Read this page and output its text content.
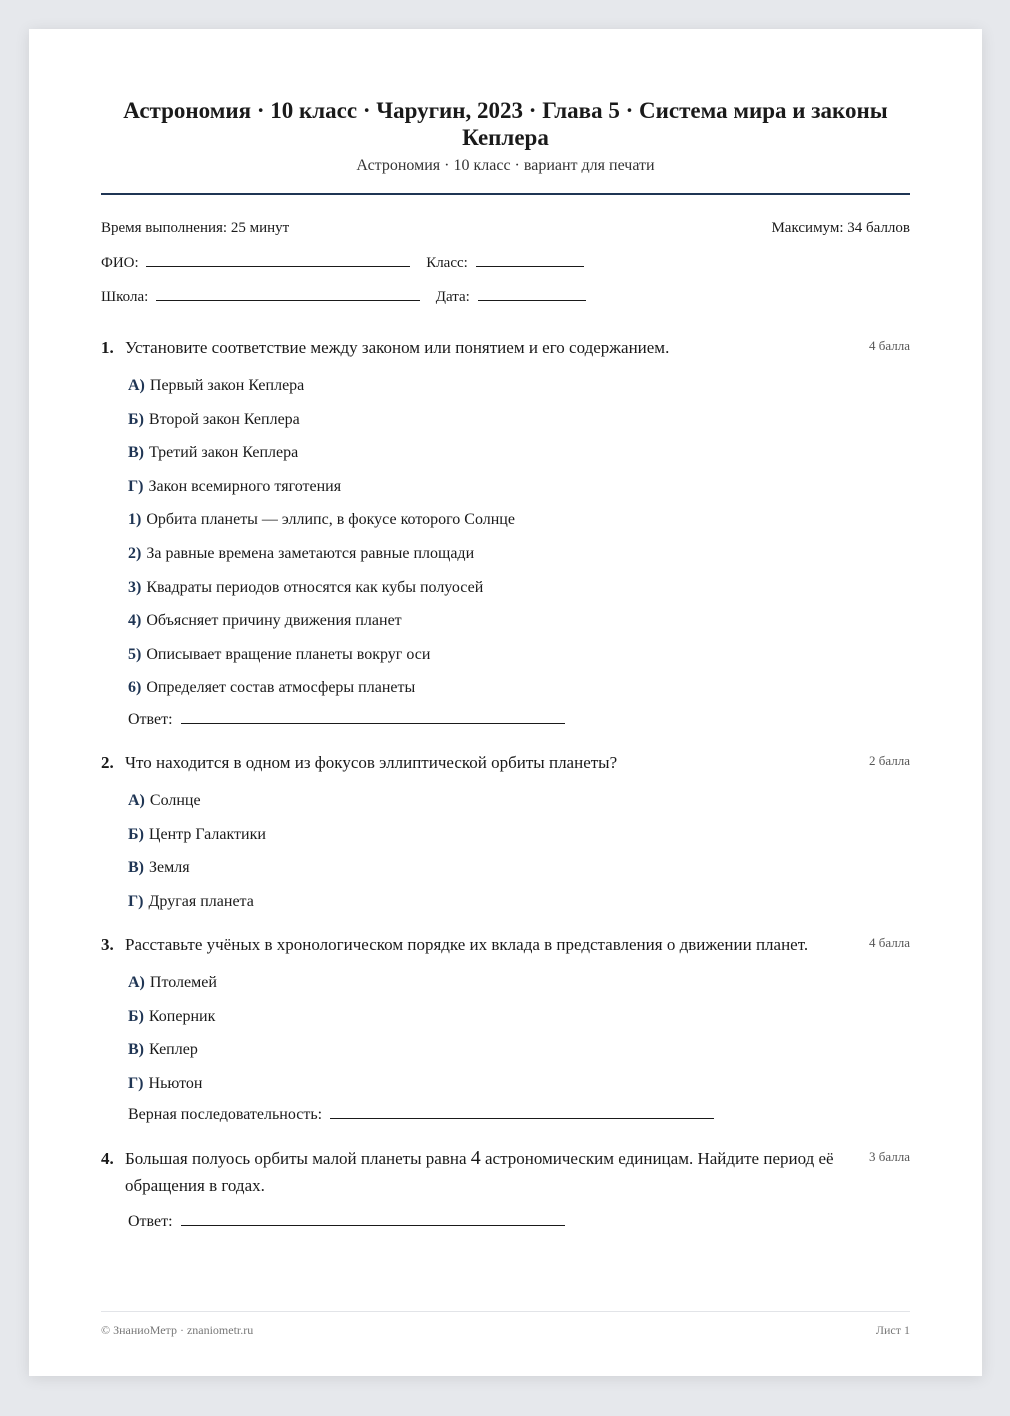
Астрономия · 10 класс · Чаругин, 2023 · Глава 5 · Система мира и законы Кеплера
Астрономия · 10 класс · вариант для печати
Время выполнения: 25 минут	Максимум: 34 баллов
ФИО:	Класс:
Школа:	Дата:
1. Установите соответствие между законом или понятием и его содержанием.	4 балла
А) Первый закон Кеплера
Б) Второй закон Кеплера
В) Третий закон Кеплера
Г) Закон всемирного тяготения
1) Орбита планеты — эллипс, в фокусе которого Солнце
2) За равные времена заметаются равные площади
3) Квадраты периодов относятся как кубы полуосей
4) Объясняет причину движения планет
5) Описывает вращение планеты вокруг оси
6) Определяет состав атмосферы планеты
Ответ:
2. Что находится в одном из фокусов эллиптической орбиты планеты?	2 балла
А) Солнце
Б) Центр Галактики
В) Земля
Г) Другая планета
3. Расставьте учёных в хронологическом порядке их вклада в представления о движении планет.	4 балла
А) Птолемей
Б) Коперник
В) Кеплер
Г) Ньютон
Верная последовательность:
4. Большая полуось орбиты малой планеты равна 4 астрономическим единицам. Найдите период её обращения в годах.
3 балла
Ответ:
© ЗнаниоМетр · znaniometr.ru	Лист 1
